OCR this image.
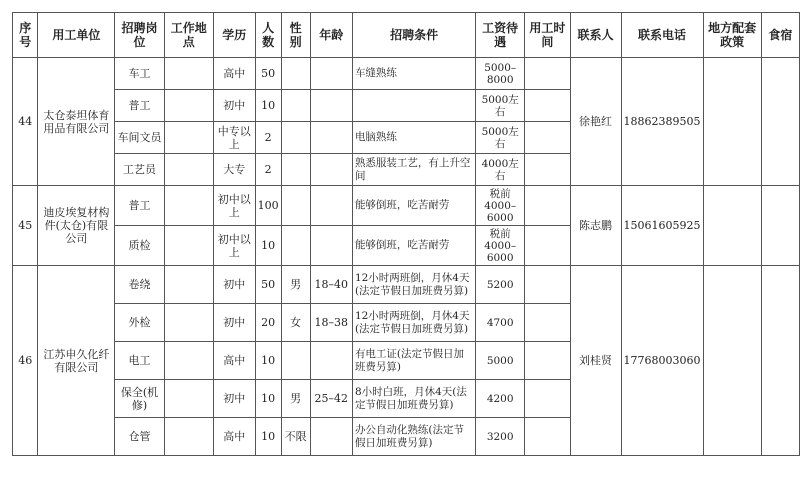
序号	用工单位	招聘岗位	工作地点	学历	人数	性别	年龄	招聘条件	工资待遇	用工时间	联系人	联系电话	地方配套政策	食宿
44	太仓泰坦体育用品有限公司	车工		高中	50			车缝熟练	5000–8000		徐艳红	18862389505		
		普工		初中	10				5000左右					
		车间文员		中专以上	2			电脑熟练	5000左右					
		工艺员		大专	2			熟悉服装工艺，有上升空间	4000左右					
45	迪皮埃复材构件(太仓)有限公司	普工		初中以上	100			能够倒班，吃苦耐劳	税前4000–6000		陈志鹏	15061605925		
		质检		初中以上	10			能够倒班，吃苦耐劳	税前4000–6000					
46	江苏申久化纤有限公司	卷绕		初中	50	男	18–40	12小时两班倒，月休4天(法定节假日加班费另算)	5200		刘桂贤	17768003060		
		外检		初中	20	女	18–38	12小时两班倒，月休4天(法定节假日加班费另算)	4700					
		电工		高中	10			有电工证(法定节假日加班费另算)	5000					
		保全(机修)		初中	10	男	25–42	8小时白班，月休4天(法定节假日加班费另算)	4200					
		仓管		高中	10	不限		办公自动化熟练(法定节假日加班费另算)	3200					
